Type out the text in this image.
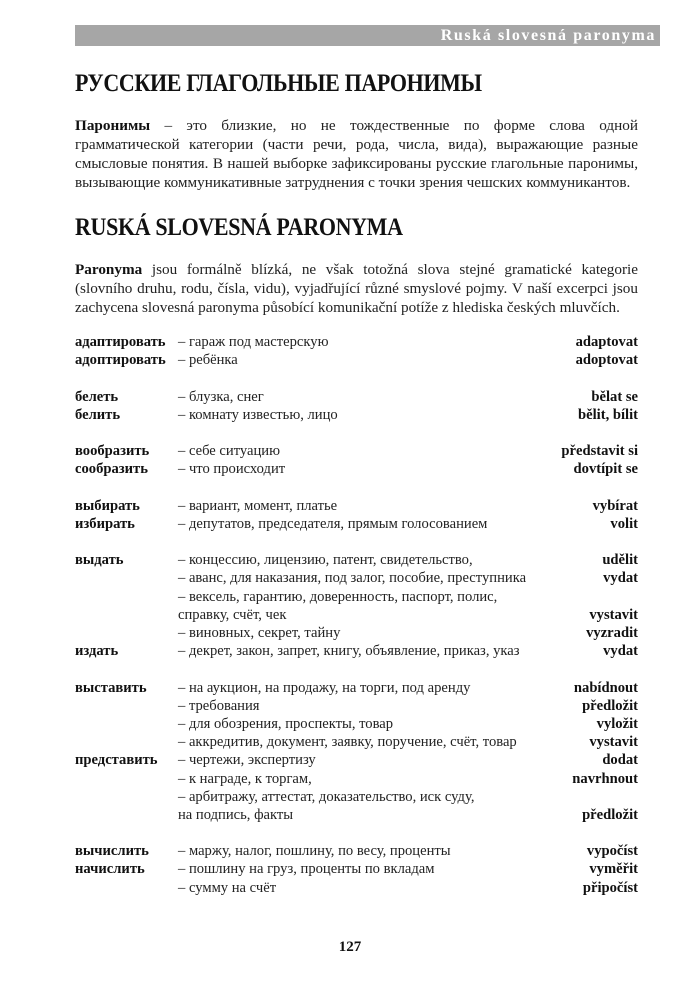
Ruská slovesná paronyma
РУССКИЕ ГЛАГОЛЬНЫЕ ПАРОНИМЫ

Паронимы – это близкие, но не тождественные по форме слова одной грамматической категории (части речи, рода, числа, вида), выражающие разные смысловые понятия. В нашей выборке зафиксированы русские глагольные паронимы, вызывающие коммуникативные затруднения с точки зрения чешских коммуникантов.

RUSKÁ SLOVESNÁ PARONYMA

Paronyma jsou formálně blízká, ne však totožná slova stejné gramatické kategorie (slovního druhu, rodu, čísla, vidu), vyjadřující různé smyslové pojmy. V naší excerpci jsou zachycena slovesná paronyma působící komunikační potíže z hlediska českých mluvčích.

адаптировать – гараж под мастерскую	adaptovat
адоптировать – ребёнка	adoptovat
белеть	– блузка, снег	bělat se
белить	– комнату известью, лицо	bělit, bílit
вообразить – себе ситуацию	představit si
сообразить – что происходит	dovtípit se
выбирать	– вариант, момент, платье	vybírat
избирать	– депутатов, председателя, прямым голосованием	volit
выдать	– концессию, лицензию, патент, свидетельство,	udělit
– аванс, для наказания, под залог, пособие, преступника	vydat
– вексель, гарантию, доверенность, паспорт, полис,
справку, счёт, чек	vystavit
– виновных, секрет, тайну	vyzradit
издать	– декрет, закон, запрет, книгу, объявление, приказ, указ	vydat
выставить – на аукцион, на продажу, на торги, под аренду	nabídnout
– требования	předložit
– для обозрения, проспекты, товар	vyložit
– аккредитив, документ, заявку, поручение, счёт, товар	vystavit
представить – чертежи, экспертизу	dodat
– к награде, к торгам,	navrhnout
– арбитражу, аттестат, доказательство, иск суду,
на подпись, факты	předložit
вычислить – маржу, налог, пошлину, по весу, проценты	vypočíst
начислить – пошлину на груз, проценты по вкладам	vyměřit
– сумму на счёт	připočíst
127
